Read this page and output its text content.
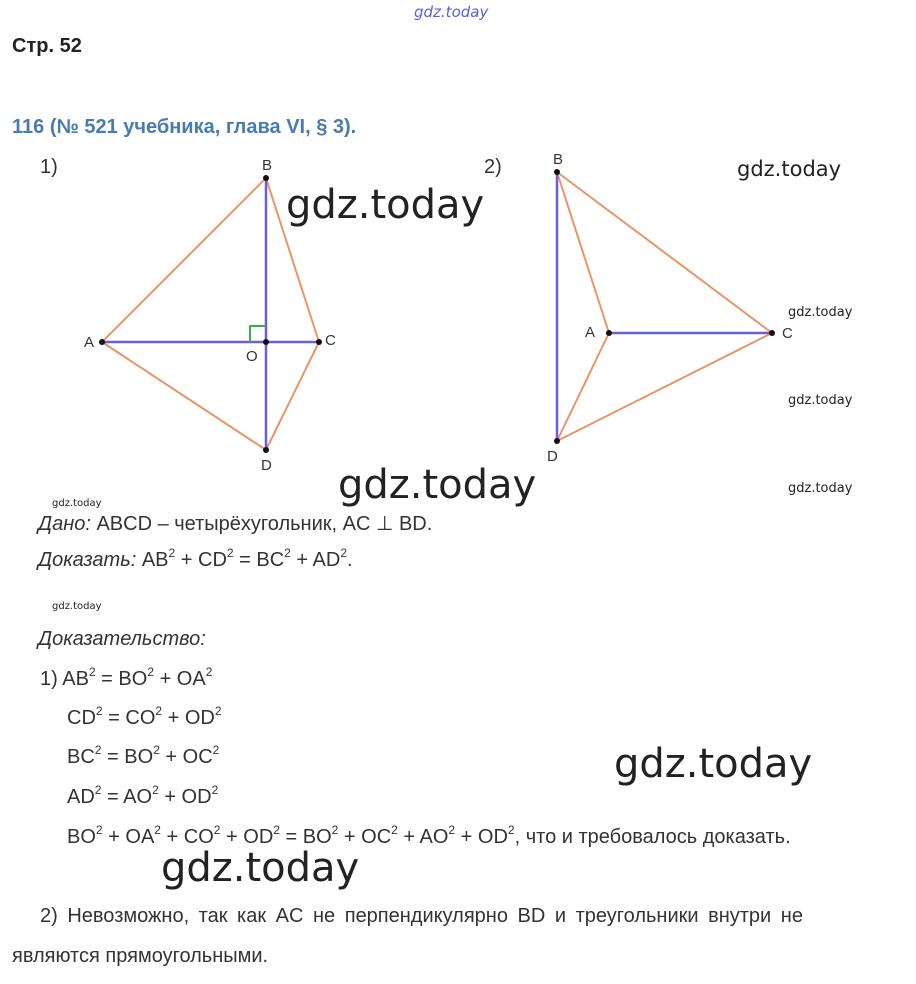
gdz.today
Стр. 52
116 (№ 521 учебника, глава VI, § 3).
1)	2)
A
B
C
D
O
B
A	C
D
gdz.today
gdz.today
gdz.today
gdz.today
gdz.today
gdz.today
gdz.today
gdz.today
Дано: ABCD – четырёхугольник, AC ⊥ BD.
Доказать: $AB^2 + CD^2 = BC^2 + AD^2$.
Доказательство:
1) $AB^2 = BO^2 + OA^2$
$CD^2 = CO^2 + OD^2$
$BC^2 = BO^2 + OC^2$
$AD^2 = AO^2 + OD^2$
$BO^2 + OA^2 + CO^2 + OD^2 = BO^2 + OC^2 + AO^2 + OD^2$, что и требовалось доказать.
gdz.today
gdz.today
2) Невозможно, так как AC не перпендикулярно BD и треугольники внутри не
являются прямоугольными.
